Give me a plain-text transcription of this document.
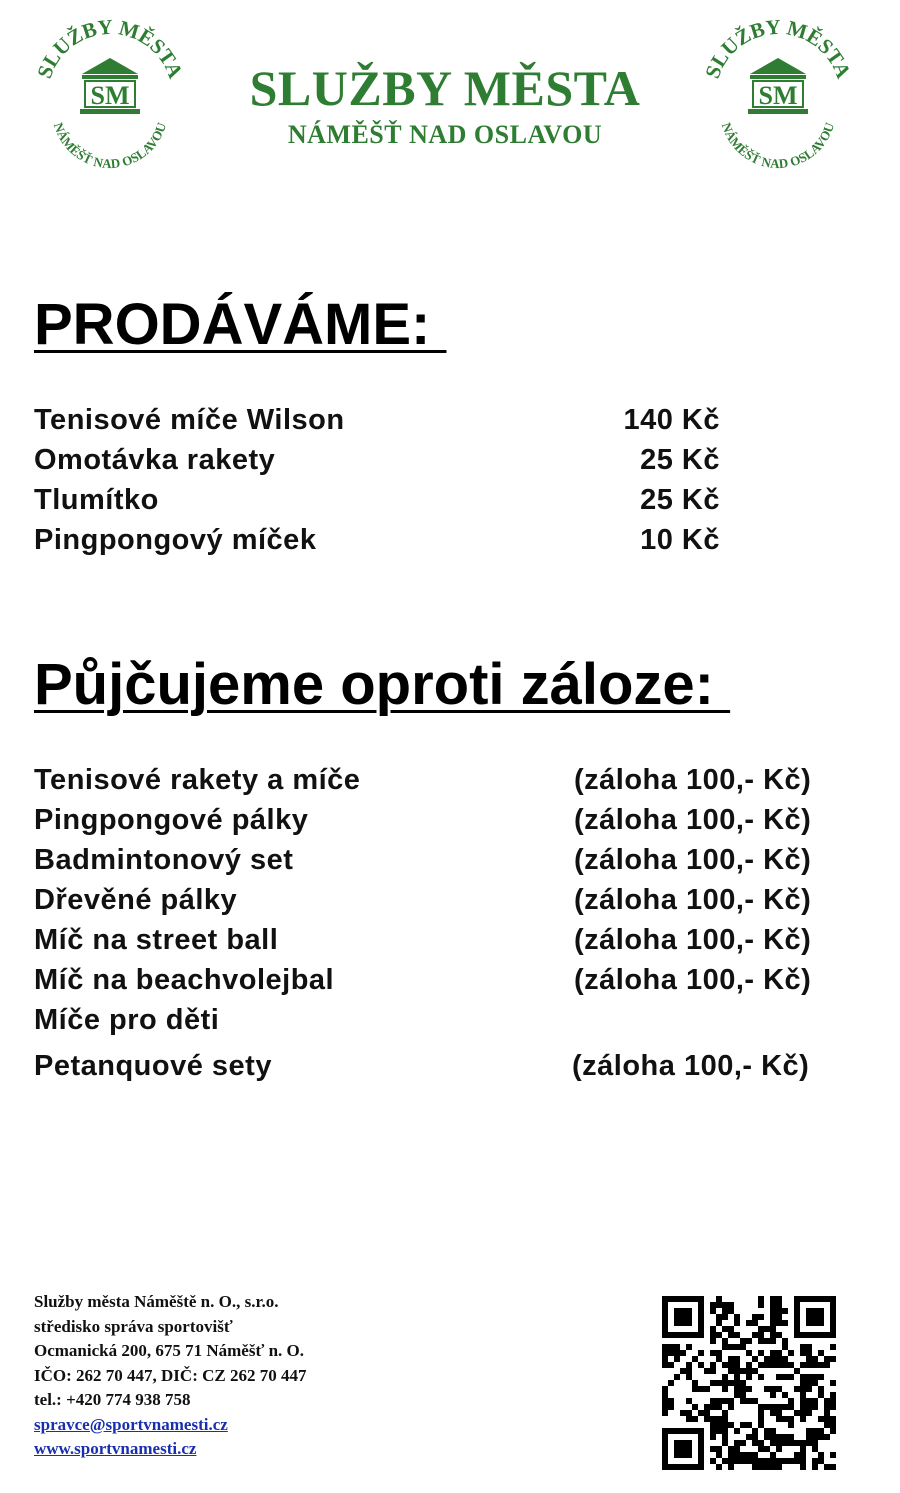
SLUŽBY MĚSTA
NÁMĚŠŤ NAD OSLAVOU
SM	SLUŽBY MĚSTA
NÁMĚŠŤ NAD OSLAVOU
SLUŽBY MĚSTA
NÁMĚŠŤ NAD OSLAVOU
SM
PRODÁVÁME:
Tenisové míče Wilson	140 Kč
Omotávka rakety	25 Kč
Tlumítko	25 Kč
Pingpongový míček	10 Kč
Půjčujeme oproti záloze:
Tenisové rakety a míče	(záloha 100,- Kč)
Pingpongové pálky	(záloha 100,- Kč)
Badmintonový set	(záloha 100,- Kč)
Dřevěné pálky	(záloha 100,- Kč)
Míč na street ball	(záloha 100,- Kč)
Míč na beachvolejbal	(záloha 100,- Kč)
Míče pro děti
Petanquové sety	(záloha 100,- Kč)
Služby města Náměště n. O., s.r.o.
středisko správa sportovišť
Ocmanická 200, 675 71 Náměšť n. O.
IČO: 262 70 447, DIČ: CZ 262 70 447
tel.: +420 774 938 758
spravce@sportvnamesti.cz
www.sportvnamesti.cz
